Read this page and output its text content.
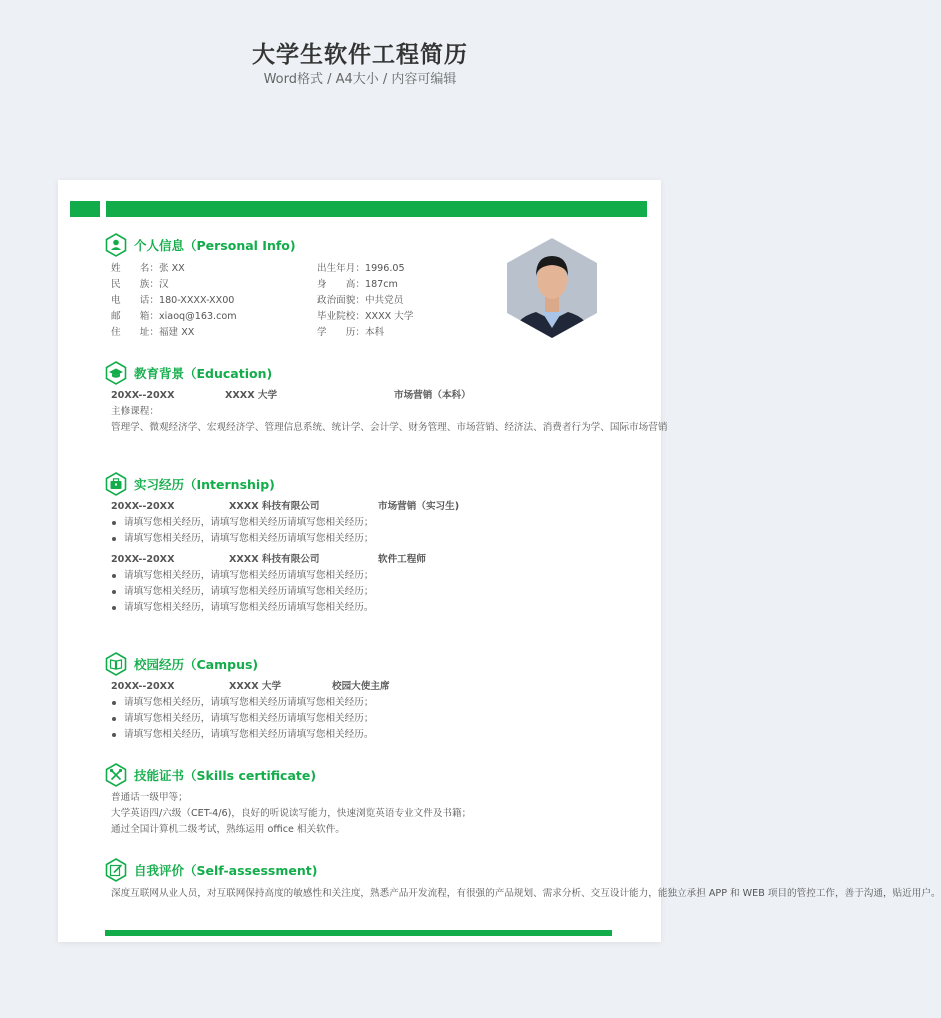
大学生软件工程简历
Word格式 / A4大小 / 内容可编辑
个人信息（Personal Info)
姓　　名：张 XX
民　　族：汉
电　　话：180-XXXX-XX00
邮　　箱：xiaoq@163.com
住　　址：福建 XX
出生年月：1996.05
身　　高：187cm
政治面貌：中共党员
毕业院校：XXXX 大学
学　　历：本科
教育背景（Education)
20XX--20XX	XXXX 大学	市场营销（本科）
主修课程：
管理学、微观经济学、宏观经济学、管理信息系统、统计学、会计学、财务管理、市场营销、经济法、消费者行为学、国际市场营销
实习经历（Internship)
20XX--20XX	XXXX 科技有限公司	市场营销（实习生)
请填写您相关经历，请填写您相关经历请填写您相关经历；
请填写您相关经历，请填写您相关经历请填写您相关经历；
20XX--20XX	XXXX 科技有限公司	软件工程师
请填写您相关经历，请填写您相关经历请填写您相关经历；
请填写您相关经历，请填写您相关经历请填写您相关经历；
请填写您相关经历，请填写您相关经历请填写您相关经历。
校园经历（Campus)
20XX--20XX	XXXX 大学	校园大使主席
请填写您相关经历，请填写您相关经历请填写您相关经历；
请填写您相关经历，请填写您相关经历请填写您相关经历；
请填写您相关经历，请填写您相关经历请填写您相关经历。
技能证书（Skills certificate)
普通话一级甲等；
大学英语四/六级（CET-4/6)，良好的听说读写能力，快速浏览英语专业文件及书籍；
通过全国计算机二级考试，熟练运用 office 相关软件。
自我评价（Self-assessment)
深度互联网从业人员，对互联网保持高度的敏感性和关注度，熟悉产品开发流程，有很强的产品规划、需求分析、交互设计能力，能独立承担 APP 和 WEB 项目的管控工作，善于沟通，贴近用户。
